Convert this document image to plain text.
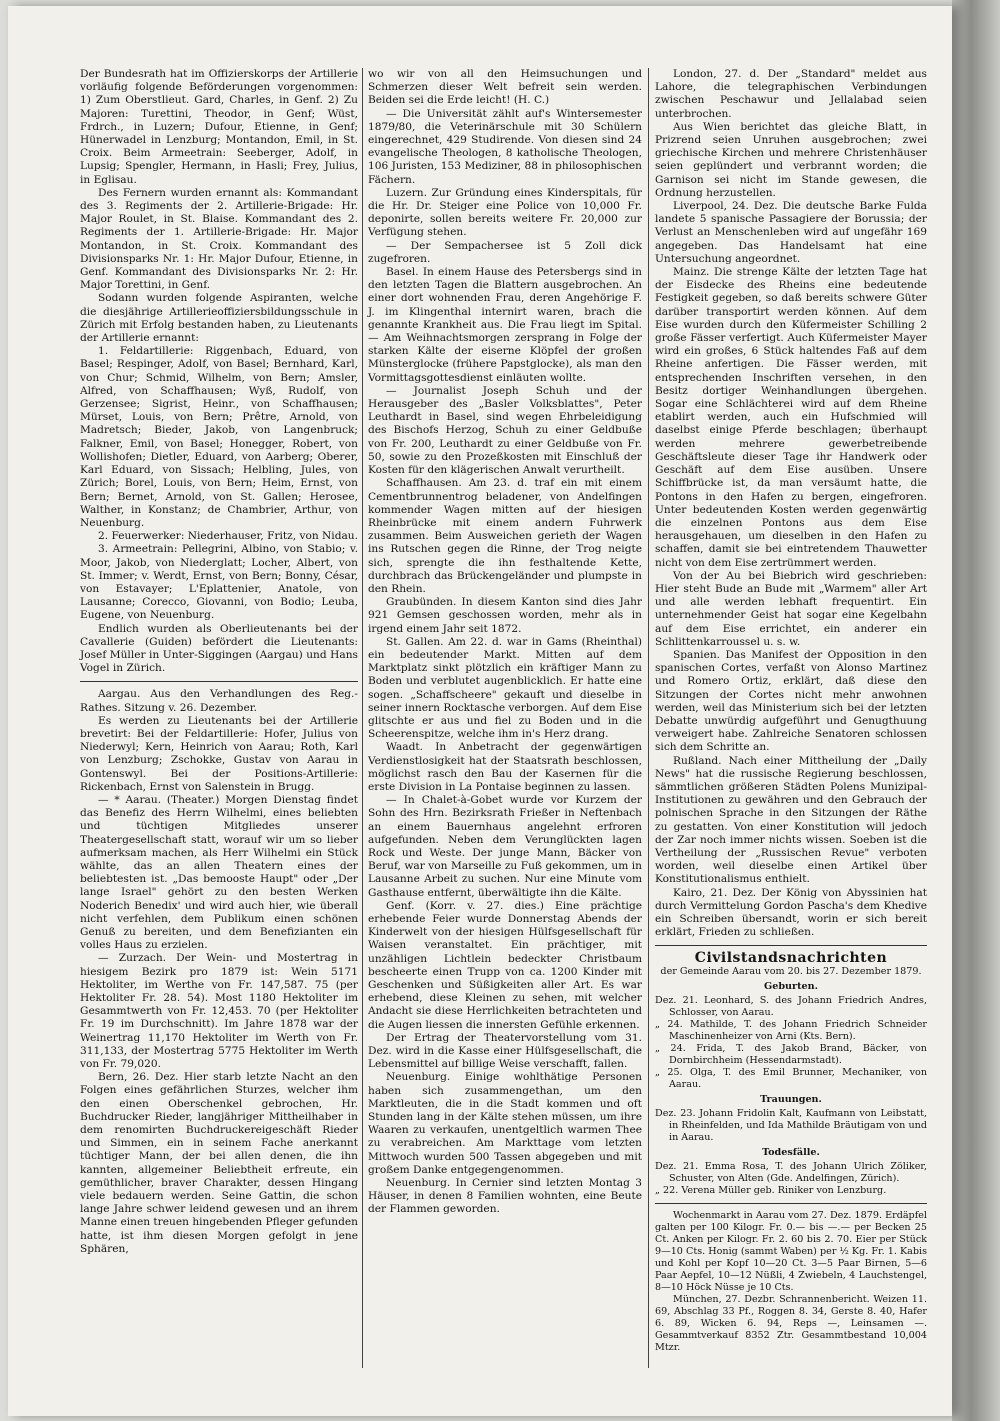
Der Bundesrath hat im Offizierskorps der Artillerie vorläufig folgende Beförderungen vorgenommen: 1) Zum Oberstlieut. Gard, Charles, in Genf. 2) Zu Majoren: Turettini, Theodor, in Genf; Wüst, Frdrch., in Luzern; Dufour, Etienne, in Genf; Hünerwadel in Lenzburg; Montandon, Emil, in St. Croix. Beim Armeetrain: Seeberger, Adolf, in Lupsig; Spengler, Hermann, in Hasli; Frey, Julius, in Eglisau.

Des Fernern wurden ernannt als: Kommandant des 3. Regiments der 2. Artillerie-Brigade: Hr. Major Roulet, in St. Blaise. Kommandant des 2. Regiments der 1. Artillerie-Brigade: Hr. Major Montandon, in St. Croix. Kommandant des Divisionsparks Nr. 1: Hr. Major Dufour, Etienne, in Genf. Kommandant des Divisionsparks Nr. 2: Hr. Major Torettini, in Genf.

Sodann wurden folgende Aspiranten, welche die diesjährige Artillerieoffiziersbildungsschule in Zürich mit Erfolg bestanden haben, zu Lieutenants der Artillerie ernannt:

1. Feldartillerie: Riggenbach, Eduard, von Basel; Respinger, Adolf, von Basel; Bernhard, Karl, von Chur; Schmid, Wilhelm, von Bern; Amsler, Alfred, von Schaffhausen; Wyß, Rudolf, von Gerzensee; Sigrist, Heinr., von Schaffhausen; Mürset, Louis, von Bern; Prêtre, Arnold, von Madretsch; Bieder, Jakob, von Langenbruck; Falkner, Emil, von Basel; Honegger, Robert, von Wollishofen; Dietler, Eduard, von Aarberg; Oberer, Karl Eduard, von Sissach; Helbling, Jules, von Zürich; Borel, Louis, von Bern; Heim, Ernst, von Bern; Bernet, Arnold, von St. Gallen; Herosee, Walther, in Konstanz; de Chambrier, Arthur, von Neuenburg.

2. Feuerwerker: Niederhauser, Fritz, von Nidau.

3. Armeetrain: Pellegrini, Albino, von Stabio; v. Moor, Jakob, von Niederglatt; Locher, Albert, von St. Immer; v. Werdt, Ernst, von Bern; Bonny, César, von Estavayer; L'Eplattenier, Anatole, von Lausanne; Corecco, Giovanni, von Bodio; Leuba, Eugene, von Neuenburg.

Endlich wurden als Oberlieutenants bei der Cavallerie (Guiden) befördert die Lieutenants: Josef Müller in Unter-Siggingen (Aargau) und Hans Vogel in Zürich.

Aargau. Aus den Verhandlungen des Reg.-Rathes. Sitzung v. 26. Dezember.

Es werden zu Lieutenants bei der Artillerie brevetirt: Bei der Feldartillerie: Hofer, Julius von Niederwyl; Kern, Heinrich von Aarau; Roth, Karl von Lenzburg; Zschokke, Gustav von Aarau in Gontenswyl. Bei der Positions-Artillerie: Rickenbach, Ernst von Salenstein in Brugg.

— * Aarau. (Theater.) Morgen Dienstag findet das Benefiz des Herrn Wilhelmi, eines beliebten und tüchtigen Mitgliedes unserer Theatergesellschaft statt, worauf wir um so lieber aufmerksam machen, als Herr Wilhelmi ein Stück wählte, das an allen Theatern eines der beliebtesten ist. „Das bemooste Haupt" oder „Der lange Israel" gehört zu den besten Werken Noderich Benedix' und wird auch hier, wie überall nicht verfehlen, dem Publikum einen schönen Genuß zu bereiten, und dem Benefizianten ein volles Haus zu erzielen.

— Zurzach. Der Wein- und Mostertrag in hiesigem Bezirk pro 1879 ist: Wein 5171 Hektoliter, im Werthe von Fr. 147,587. 75 (per Hektoliter Fr. 28. 54). Most 1180 Hektoliter im Gesammtwerth von Fr. 12,453. 70 (per Hektoliter Fr. 19 im Durchschnitt). Im Jahre 1878 war der Weinertrag 11,170 Hektoliter im Werth von Fr. 311,133, der Mostertrag 5775 Hektoliter im Werth von Fr. 79,020.

Bern, 26. Dez. Hier starb letzte Nacht an den Folgen eines gefährlichen Sturzes, welcher ihm den einen Oberschenkel gebrochen, Hr. Buchdrucker Rieder, langjähriger Mittheilhaber in dem renomirten Buchdruckereigeschäft Rieder und Simmen, ein in seinem Fache anerkannt tüchtiger Mann, der bei allen denen, die ihn kannten, allgemeiner Beliebtheit erfreute, ein gemüthlicher, braver Charakter, dessen Hingang viele bedauern werden. Seine Gattin, die schon lange Jahre schwer leidend gewesen und an ihrem Manne einen treuen hingebenden Pfleger gefunden hatte, ist ihm diesen Morgen gefolgt in jene Sphären,

wo wir von all den Heimsuchungen und Schmerzen dieser Welt befreit sein werden. Beiden sei die Erde leicht! (H. C.)

— Die Universität zählt auf's Wintersemester 1879/80, die Veterinärschule mit 30 Schülern eingerechnet, 429 Studirende. Von diesen sind 24 evangelische Theologen, 8 katholische Theologen, 106 Juristen, 153 Mediziner, 88 in philosophischen Fächern.

Luzern. Zur Gründung eines Kinderspitals, für die Hr. Dr. Steiger eine Police von 10,000 Fr. deponirte, sollen bereits weitere Fr. 20,000 zur Verfügung stehen.

— Der Sempachersee ist 5 Zoll dick zugefroren.

Basel. In einem Hause des Petersbergs sind in den letzten Tagen die Blattern ausgebrochen. An einer dort wohnenden Frau, deren Angehörige F. J. im Klingenthal internirt waren, brach die genannte Krankheit aus. Die Frau liegt im Spital. — Am Weihnachtsmorgen zersprang in Folge der starken Kälte der eiserne Klöpfel der großen Münsterglocke (frühere Papstglocke), als man den Vormittagsgottesdienst einläuten wollte.

— Journalist Joseph Schuh und der Herausgeber des „Basler Volksblattes", Peter Leuthardt in Basel, sind wegen Ehrbeleidigung des Bischofs Herzog, Schuh zu einer Geldbuße von Fr. 200, Leuthardt zu einer Geldbuße von Fr. 50, sowie zu den Prozeßkosten mit Einschluß der Kosten für den klägerischen Anwalt verurtheilt.

Schaffhausen. Am 23. d. traf ein mit einem Cementbrunnentrog beladener, von Andelfingen kommender Wagen mitten auf der hiesigen Rheinbrücke mit einem andern Fuhrwerk zusammen. Beim Ausweichen gerieth der Wagen ins Rutschen gegen die Rinne, der Trog neigte sich, sprengte die ihn festhaltende Kette, durchbrach das Brückengeländer und plumpste in den Rhein.

Graubünden. In diesem Kanton sind dies Jahr 921 Gemsen geschossen worden, mehr als in irgend einem Jahr seit 1872.

St. Gallen. Am 22. d. war in Gams (Rheinthal) ein bedeutender Markt. Mitten auf dem Marktplatz sinkt plötzlich ein kräftiger Mann zu Boden und verblutet augenblicklich. Er hatte eine sogen. „Schaffscheere" gekauft und dieselbe in seiner innern Rocktasche verborgen. Auf dem Eise glitschte er aus und fiel zu Boden und in die Scheerenspitze, welche ihm in's Herz drang.

Waadt. In Anbetracht der gegenwärtigen Verdienstlosigkeit hat der Staatsrath beschlossen, möglichst rasch den Bau der Kasernen für die erste Division in La Pontaise beginnen zu lassen.

— In Chalet-à-Gobet wurde vor Kurzem der Sohn des Hrn. Bezirksrath Frießer in Neftenbach an einem Bauernhaus angelehnt erfroren aufgefunden. Neben dem Verunglückten lagen Rock und Weste. Der junge Mann, Bäcker von Beruf, war von Marseille zu Fuß gekommen, um in Lausanne Arbeit zu suchen. Nur eine Minute vom Gasthause entfernt, überwältigte ihn die Kälte.

Genf. (Korr. v. 27. dies.) Eine prächtige erhebende Feier wurde Donnerstag Abends der Kinderwelt von der hiesigen Hülfsgesellschaft für Waisen veranstaltet. Ein prächtiger, mit unzähligen Lichtlein bedeckter Christbaum bescheerte einen Trupp von ca. 1200 Kinder mit Geschenken und Süßigkeiten aller Art. Es war erhebend, diese Kleinen zu sehen, mit welcher Andacht sie diese Herrlichkeiten betrachteten und die Augen liessen die innersten Gefühle erkennen.

Der Ertrag der Theatervorstellung vom 31. Dez. wird in die Kasse einer Hülfsgesellschaft, die Lebensmittel auf billige Weise verschafft, fallen.

Neuenburg. Einige wohlthätige Personen haben sich zusammengethan, um den Marktleuten, die in die Stadt kommen und oft Stunden lang in der Kälte stehen müssen, um ihre Waaren zu verkaufen, unentgeltlich warmen Thee zu verabreichen. Am Markttage vom letzten Mittwoch wurden 500 Tassen abgegeben und mit großem Danke entgegengenommen.

Neuenburg. In Cernier sind letzten Montag 3 Häuser, in denen 8 Familien wohnten, eine Beute der Flammen geworden.

London, 27. d. Der „Standard" meldet aus Lahore, die telegraphischen Verbindungen zwischen Peschawur und Jellalabad seien unterbrochen.

Aus Wien berichtet das gleiche Blatt, in Prizrend seien Unruhen ausgebrochen; zwei griechische Kirchen und mehrere Christenhäuser seien geplündert und verbrannt worden; die Garnison sei nicht im Stande gewesen, die Ordnung herzustellen.

Liverpool, 24. Dez. Die deutsche Barke Fulda landete 5 spanische Passagiere der Borussia; der Verlust an Menschenleben wird auf ungefähr 169 angegeben. Das Handelsamt hat eine Untersuchung angeordnet.

Mainz. Die strenge Kälte der letzten Tage hat der Eisdecke des Rheins eine bedeutende Festigkeit gegeben, so daß bereits schwere Güter darüber transportirt werden können. Auf dem Eise wurden durch den Küfermeister Schilling 2 große Fässer verfertigt. Auch Küfermeister Mayer wird ein großes, 6 Stück haltendes Faß auf dem Rheine anfertigen. Die Fässer werden, mit entsprechenden Inschriften versehen, in den Besitz dortiger Weinhandlungen übergehen. Sogar eine Schlächterei wird auf dem Rheine etablirt werden, auch ein Hufschmied will daselbst einige Pferde beschlagen; überhaupt werden mehrere gewerbetreibende Geschäftsleute dieser Tage ihr Handwerk oder Geschäft auf dem Eise ausüben. Unsere Schiffbrücke ist, da man versäumt hatte, die Pontons in den Hafen zu bergen, eingefroren. Unter bedeutenden Kosten werden gegenwärtig die einzelnen Pontons aus dem Eise herausgehauen, um dieselben in den Hafen zu schaffen, damit sie bei eintretendem Thauwetter nicht von dem Eise zertrümmert werden.

Von der Au bei Biebrich wird geschrieben: Hier steht Bude an Bude mit „Warmem" aller Art und alle werden lebhaft frequentirt. Ein unternehmender Geist hat sogar eine Kegelbahn auf dem Eise errichtet, ein anderer ein Schlittenkarroussel u. s. w.

Spanien. Das Manifest der Opposition in den spanischen Cortes, verfaßt von Alonso Martinez und Romero Ortiz, erklärt, daß diese den Sitzungen der Cortes nicht mehr anwohnen werden, weil das Ministerium sich bei der letzten Debatte unwürdig aufgeführt und Genugthuung verweigert habe. Zahlreiche Senatoren schlossen sich dem Schritte an.

Rußland. Nach einer Mittheilung der „Daily News" hat die russische Regierung beschlossen, sämmtlichen größeren Städten Polens Munizipal-Institutionen zu gewähren und den Gebrauch der polnischen Sprache in den Sitzungen der Räthe zu gestatten. Von einer Konstitution will jedoch der Zar noch immer nichts wissen. Soeben ist die Vertheilung der „Russischen Revue" verboten worden, weil dieselbe einen Artikel über Konstitutionalismus enthielt.

Kairo, 21. Dez. Der König von Abyssinien hat durch Vermittelung Gordon Pascha's dem Khedive ein Schreiben übersandt, worin er sich bereit erklärt, Frieden zu schließen.

Civilstandsnachrichten
der Gemeinde Aarau vom 20. bis 27. Dezember 1879.
Geburten.
Dez. 21. Leonhard, S. des Johann Friedrich Andres, Schlosser, von Aarau.
„ 24. Mathilde, T. des Johann Friedrich Schneider Maschinenheizer von Arni (Kts. Bern).
„ 24. Frida, T. des Jakob Brand, Bäcker, von Dornbirchheim (Hessendarmstadt).
„ 25. Olga, T. des Emil Brunner, Mechaniker, von Aarau.
Trauungen.
Dez. 23. Johann Fridolin Kalt, Kaufmann von Leibstatt, in Rheinfelden, und Ida Mathilde Bräutigam von und in Aarau.
Todesfälle.
Dez. 21. Emma Rosa, T. des Johann Ulrich Zöliker, Schuster, von Alten (Gde. Andelfingen, Zürich).
„ 22. Verena Müller geb. Riniker von Lenzburg.

Wochenmarkt in Aarau vom 27. Dez. 1879. Erdäpfel galten per 100 Kilogr. Fr. 0.— bis —.— per Becken 25 Ct. Anken per Kilogr. Fr. 2. 60 bis 2. 70. Eier per Stück 9—10 Cts. Honig (sammt Waben) per ½ Kg. Fr. 1. Kabis und Kohl per Kopf 10—20 Ct. 3—5 Paar Birnen, 5—6 Paar Aepfel, 10—12 Nüßli, 4 Zwiebeln, 4 Lauchstengel, 8—10 Höck Nüsse je 10 Cts.

München, 27. Dezbr. Schrannenbericht. Weizen 11. 69, Abschlag 33 Pf., Roggen 8. 34, Gerste 8. 40, Hafer 6. 89, Wicken 6. 94, Reps —, Leinsamen —. Gesammtverkauf 8352 Ztr. Gesammtbestand 10,004 Mtzr.
